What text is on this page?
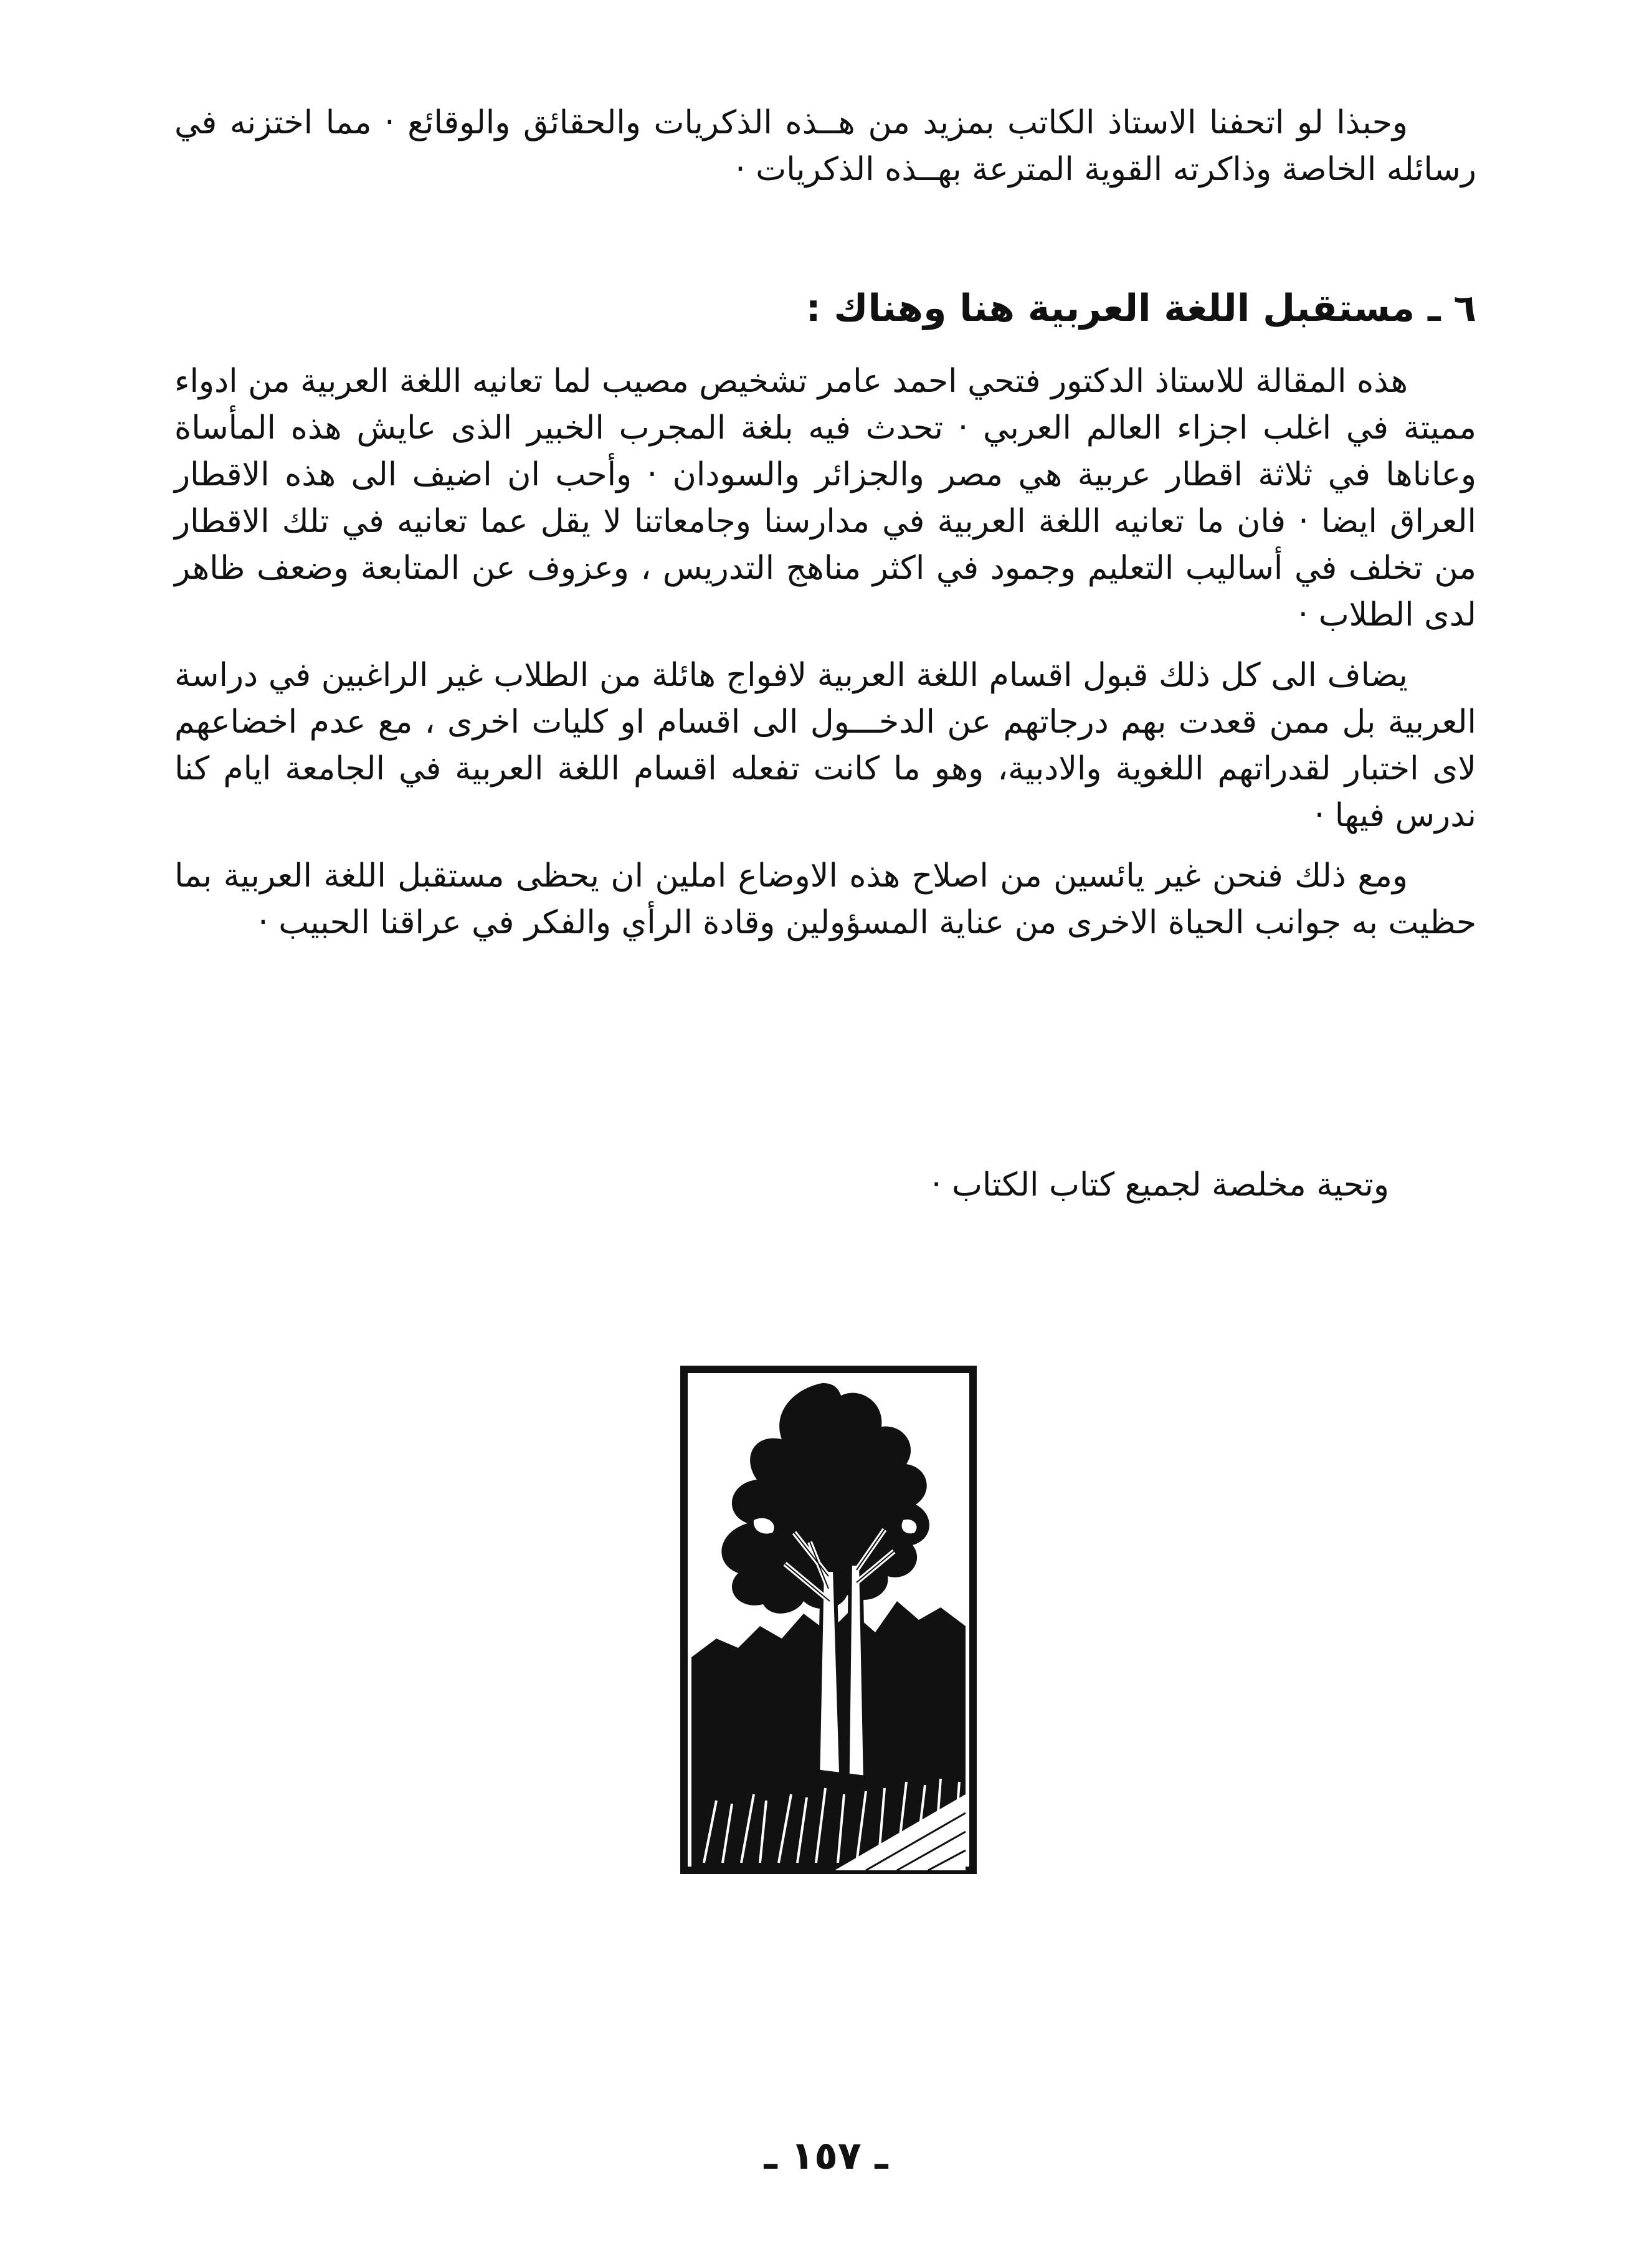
وحبذا لو اتحفنا الاستاذ الكاتب بمزيد من هــذه الذكريات والحقائق والوقائع · مما اختزنه في رسائله الخاصة وذاكرته القوية المترعة بهــذه الذكريات ·

٦ ـ مستقبل اللغة العربية هنا وهناك :

هذه المقالة للاستاذ الدكتور فتحي احمد عامر تشخيص مصيب لما تعانيه اللغة العربية من ادواء مميتة في اغلب اجزاء العالم العربي · تحدث فيه بلغة المجرب الخبير الذى عايش هذه المأساة وعاناها في ثلاثة اقطار عربية هي مصر والجزائر والسودان · وأحب ان اضيف الى هذه الاقطار العراق ايضا · فان ما تعانيه اللغة العربية في مدارسنا وجامعاتنا لا يقل عما تعانيه في تلك الاقطار من تخلف في أساليب التعليم وجمود في اكثر مناهج التدريس ، وعزوف عن المتابعة وضعف ظاهر لدى الطلاب ·

يضاف الى كل ذلك قبول اقسام اللغة العربية لافواج هائلة من الطلاب غير الراغبين في دراسة العربية بل ممن قعدت بهم درجاتهم عن الدخـــول الى اقسام او كليات اخرى ، مع عدم اخضاعهم لاى اختبار لقدراتهم اللغوية والادبية، وهو ما كانت تفعله اقسام اللغة العربية في الجامعة ايام كنا ندرس فيها ·

ومع ذلك فنحن غير يائسين من اصلاح هذه الاوضاع املين ان يحظى مستقبل اللغة العربية بما حظيت به جوانب الحياة الاخرى من عناية المسؤولين وقادة الرأي والفكر في عراقنا الحبيب ·

وتحية مخلصة لجميع كتاب الكتاب ·

ـ ١٥٧ ـ
